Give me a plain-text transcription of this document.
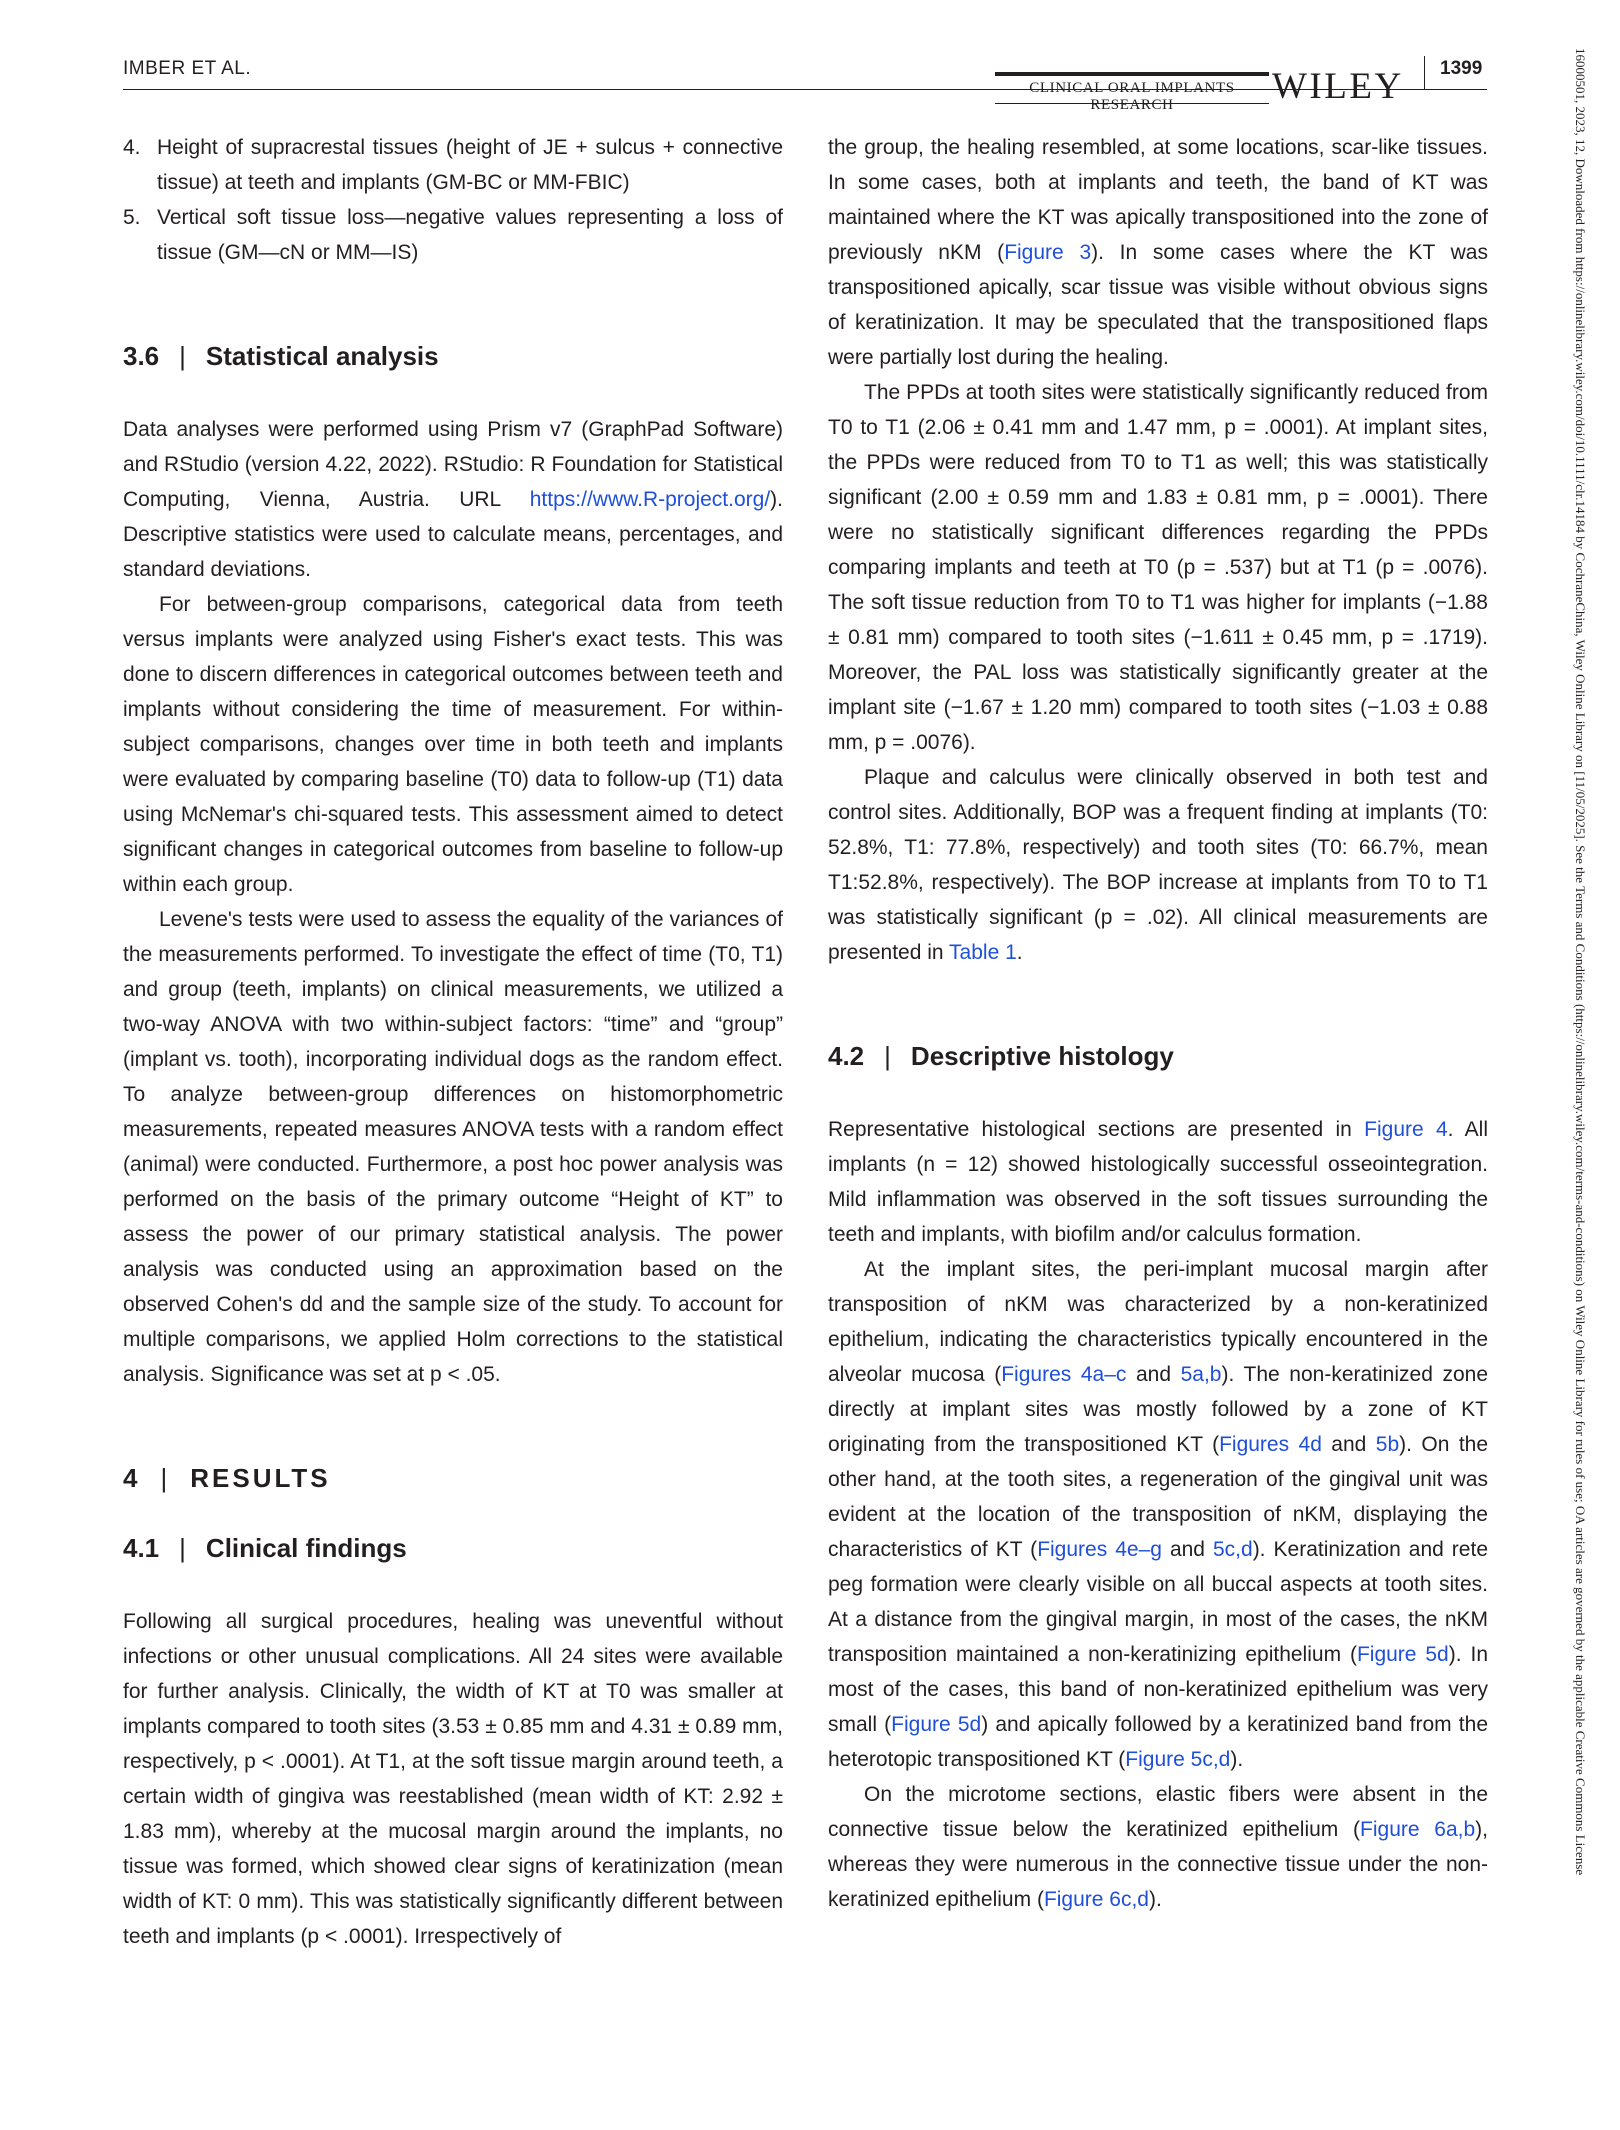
IMBER ET AL.
CLINICAL ORAL IMPLANTS RESEARCH	WILEY 1399	16000501, 2023, 12, Downloaded from https://onlinelibrary.wiley.com/doi/10.1111/clr.14184 by CochraneChina, Wiley Online Library on [11/05/2025]. See the Terms and Conditions (https://onlinelibrary.wiley.com/terms-and-conditions) on Wiley Online Library for rules of use; OA articles are governed by the applicable Creative Commons License
4. Height of supracrestal tissues (height of JE + sulcus + connective tissue) at teeth and implants (GM-BC or MM-FBIC)
5. Vertical soft tissue loss—negative values representing a loss of tissue (GM—cN or MM—IS)
3.6 | Statistical analysis

Data analyses were performed using Prism v7 (GraphPad Software) and RStudio (version 4.22, 2022). RStudio: R Foundation for Statistical Computing, Vienna, Austria. URL https://www.R-project.org/). Descriptive statistics were used to calculate means, percentages, and standard deviations.

For between-group comparisons, categorical data from teeth versus implants were analyzed using Fisher's exact tests. This was done to discern differences in categorical outcomes between teeth and implants without considering the time of measurement. For within-subject comparisons, changes over time in both teeth and implants were evaluated by comparing baseline (T0) data to follow-up (T1) data using McNemar's chi-squared tests. This assessment aimed to detect significant changes in categorical outcomes from baseline to follow-up within each group.

Levene's tests were used to assess the equality of the variances of the measurements performed. To investigate the effect of time (T0, T1) and group (teeth, implants) on clinical measurements, we utilized a two-way ANOVA with two within-subject factors: “time” and “group” (implant vs. tooth), incorporating individual dogs as the random effect. To analyze between-group differences on histomorphometric measurements, repeated measures ANOVA tests with a random effect (animal) were conducted. Furthermore, a post hoc power analysis was performed on the basis of the primary outcome “Height of KT” to assess the power of our primary statistical analysis. The power analysis was conducted using an approximation based on the observed Cohen's dd and the sample size of the study. To account for multiple comparisons, we applied Holm corrections to the statistical analysis. Significance was set at p < .05.

4 | RESULTS
4.1 | Clinical findings

Following all surgical procedures, healing was uneventful without infections or other unusual complications. All 24 sites were available for further analysis. Clinically, the width of KT at T0 was smaller at implants compared to tooth sites (3.53 ± 0.85 mm and 4.31 ± 0.89 mm, respectively, p < .0001). At T1, at the soft tissue margin around teeth, a certain width of gingiva was reestablished (mean width of KT: 2.92 ± 1.83 mm), whereby at the mucosal margin around the implants, no tissue was formed, which showed clear signs of keratinization (mean width of KT: 0 mm). This was statistically significantly different between teeth and implants (p < .0001). Irrespectively of

the group, the healing resembled, at some locations, scar-like tissues. In some cases, both at implants and teeth, the band of KT was maintained where the KT was apically transpositioned into the zone of previously nKM (Figure 3). In some cases where the KT was transpositioned apically, scar tissue was visible without obvious signs of keratinization. It may be speculated that the transpositioned flaps were partially lost during the healing.

The PPDs at tooth sites were statistically significantly reduced from T0 to T1 (2.06 ± 0.41 mm and 1.47 mm, p = .0001). At implant sites, the PPDs were reduced from T0 to T1 as well; this was statistically significant (2.00 ± 0.59 mm and 1.83 ± 0.81 mm, p = .0001). There were no statistically significant differences regarding the PPDs comparing implants and teeth at T0 (p = .537) but at T1 (p = .0076). The soft tissue reduction from T0 to T1 was higher for implants (−1.88 ± 0.81 mm) compared to tooth sites (−1.611 ± 0.45 mm, p = .1719). Moreover, the PAL loss was statistically significantly greater at the implant site (−1.67 ± 1.20 mm) compared to tooth sites (−1.03 ± 0.88 mm, p = .0076).

Plaque and calculus were clinically observed in both test and control sites. Additionally, BOP was a frequent finding at implants (T0: 52.8%, T1: 77.8%, respectively) and tooth sites (T0: 66.7%, mean T1:52.8%, respectively). The BOP increase at implants from T0 to T1 was statistically significant (p = .02). All clinical measurements are presented in Table 1.

4.2 | Descriptive histology

Representative histological sections are presented in Figure 4. All implants (n = 12) showed histologically successful osseointegration. Mild inflammation was observed in the soft tissues surrounding the teeth and implants, with biofilm and/or calculus formation.

At the implant sites, the peri-implant mucosal margin after transposition of nKM was characterized by a non-keratinized epithelium, indicating the characteristics typically encountered in the alveolar mucosa (Figures 4a–c and 5a,b). The non-keratinized zone directly at implant sites was mostly followed by a zone of KT originating from the transpositioned KT (Figures 4d and 5b). On the other hand, at the tooth sites, a regeneration of the gingival unit was evident at the location of the transposition of nKM, displaying the characteristics of KT (Figures 4e–g and 5c,d). Keratinization and rete peg formation were clearly visible on all buccal aspects at tooth sites. At a distance from the gingival margin, in most of the cases, the nKM transposition maintained a non-keratinizing epithelium (Figure 5d). In most of the cases, this band of non-keratinized epithelium was very small (Figure 5d) and apically followed by a keratinized band from the heterotopic transpositioned KT (Figure 5c,d).

On the microtome sections, elastic fibers were absent in the connective tissue below the keratinized epithelium (Figure 6a,b), whereas they were numerous in the connective tissue under the non-keratinized epithelium (Figure 6c,d).
